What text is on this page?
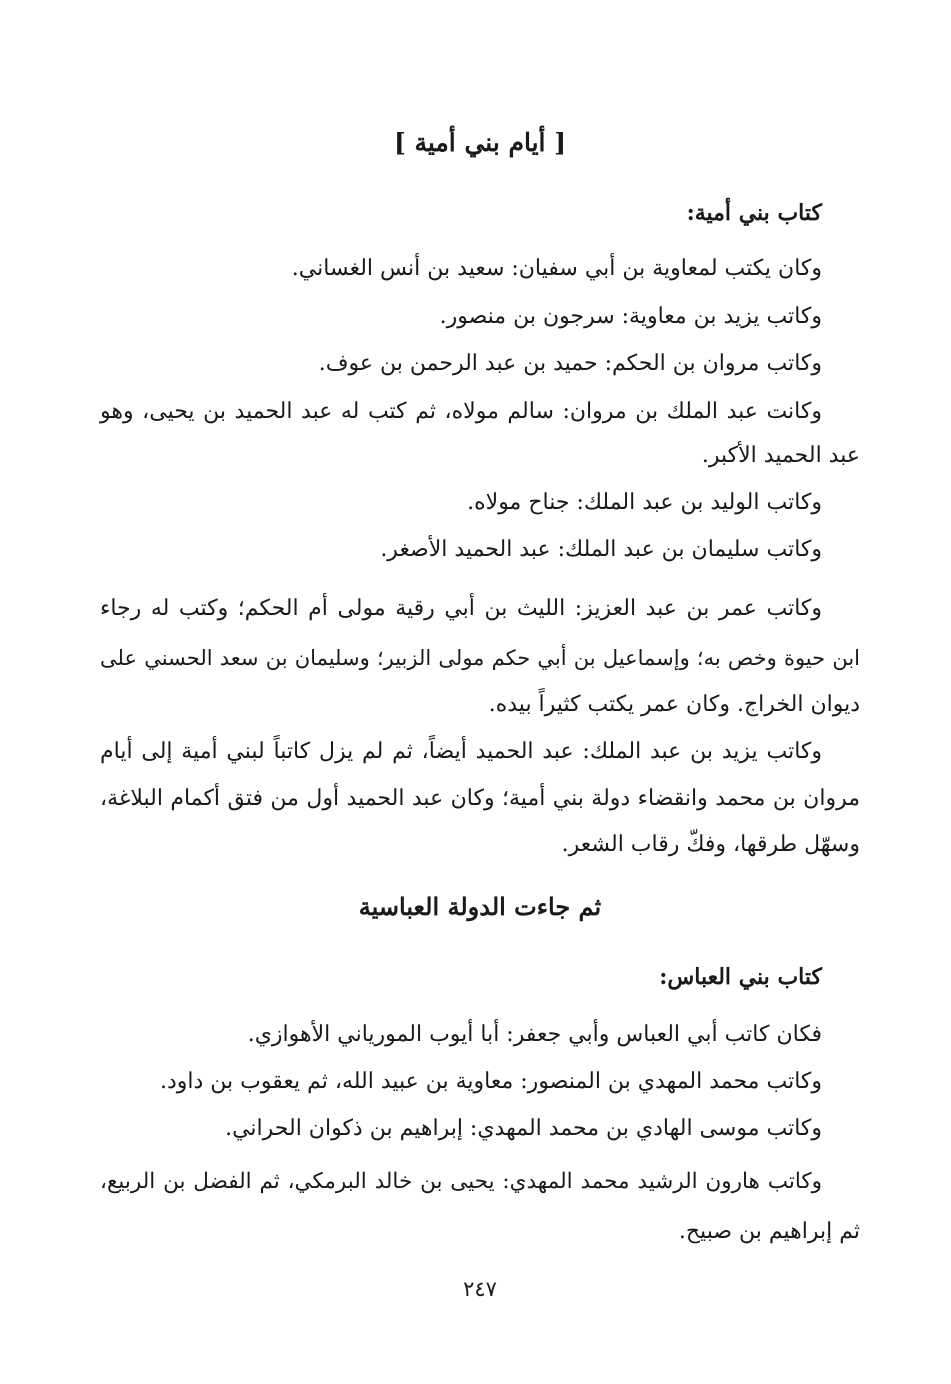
[ أيام بني أمية ]
كتاب بني أمية:
وكان يكتب لمعاوية بن أبي سفيان: سعيد بن أنس الغساني.
وكاتب يزيد بن معاوية: سرجون بن منصور.
وكاتب مروان بن الحكم: حميد بن عبد الرحمن بن عوف.
وكانت عبد الملك بن مروان: سالم مولاه، ثم كتب له عبد الحميد بن يحيى، وهو
عبد الحميد الأكبر.
وكاتب الوليد بن عبد الملك: جناح مولاه.
وكاتب سليمان بن عبد الملك: عبد الحميد الأصغر.
وكاتب عمر بن عبد العزيز: الليث بن أبي رقية مولى أم الحكم؛ وكتب له رجاء
ابن حيوة وخص به؛ وإسماعيل بن أبي حكم مولى الزبير؛ وسليمان بن سعد الحسني على
ديوان الخراج. وكان عمر يكتب كثيراً بيده.
وكاتب يزيد بن عبد الملك: عبد الحميد أيضاً، ثم لم يزل كاتباً لبني أمية إلى أيام
مروان بن محمد وانقضاء دولة بني أمية؛ وكان عبد الحميد أول من فتق أكمام البلاغة،
وسهّل طرقها، وفكّ رقاب الشعر.
ثم جاءت الدولة العباسية
كتاب بني العباس:
فكان كاتب أبي العباس وأبي جعفر: أبا أيوب المورياني الأهوازي.
وكاتب محمد المهدي بن المنصور: معاوية بن عبيد الله، ثم يعقوب بن داود.
وكاتب موسى الهادي بن محمد المهدي: إبراهيم بن ذكوان الحراني.
وكاتب هارون الرشيد محمد المهدي: يحيى بن خالد البرمكي، ثم الفضل بن الربيع،
ثم إبراهيم بن صبيح.
٢٤٧
